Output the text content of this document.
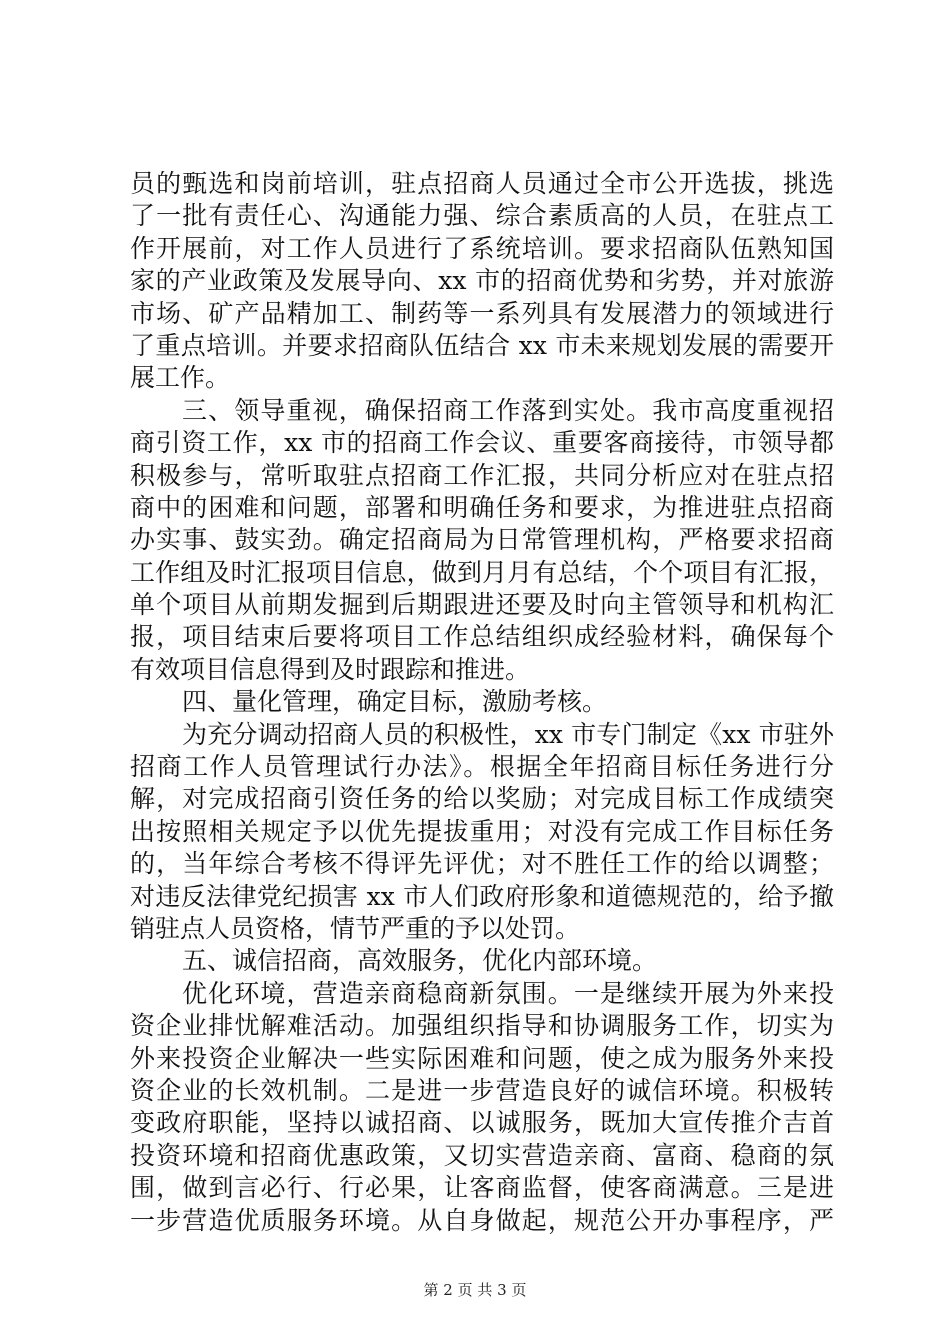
员的甄选和岗前培训，驻点招商人员通过全市公开选拔，挑选
了一批有责任心、沟通能力强、综合素质高的人员，在驻点工
作开展前，对工作人员进行了系统培训。要求招商队伍熟知国
家的产业政策及发展导向、xx 市的招商优势和劣势，并对旅游
市场、矿产品精加工、制药等一系列具有发展潜力的领域进行
了重点培训。并要求招商队伍结合 xx 市未来规划发展的需要开
展工作。
三、领导重视，确保招商工作落到实处。我市高度重视招
商引资工作，xx 市的招商工作会议、重要客商接待，市领导都
积极参与，常听取驻点招商工作汇报，共同分析应对在驻点招
商中的困难和问题，部署和明确任务和要求，为推进驻点招商
办实事、鼓实劲。确定招商局为日常管理机构，严格要求招商
工作组及时汇报项目信息，做到月月有总结，个个项目有汇报，
单个项目从前期发掘到后期跟进还要及时向主管领导和机构汇
报，项目结束后要将项目工作总结组织成经验材料，确保每个
有效项目信息得到及时跟踪和推进。
四、量化管理，确定目标，激励考核。
为充分调动招商人员的积极性，xx 市专门制定《xx 市驻外
招商工作人员管理试行办法》。根据全年招商目标任务进行分
解，对完成招商引资任务的给以奖励；对完成目标工作成绩突
出按照相关规定予以优先提拔重用；对没有完成工作目标任务
的，当年综合考核不得评先评优；对不胜任工作的给以调整；
对违反法律党纪损害 xx 市人们政府形象和道德规范的，给予撤
销驻点人员资格，情节严重的予以处罚。
五、诚信招商，高效服务，优化内部环境。
优化环境，营造亲商稳商新氛围。一是继续开展为外来投
资企业排忧解难活动。加强组织指导和协调服务工作，切实为
外来投资企业解决一些实际困难和问题，使之成为服务外来投
资企业的长效机制。二是进一步营造良好的诚信环境。积极转
变政府职能，坚持以诚招商、以诚服务，既加大宣传推介吉首
投资环境和招商优惠政策，又切实营造亲商、富商、稳商的氛
围，做到言必行、行必果，让客商监督，使客商满意。三是进
一步营造优质服务环境。从自身做起，规范公开办事程序，严
第 2 页 共 3 页
